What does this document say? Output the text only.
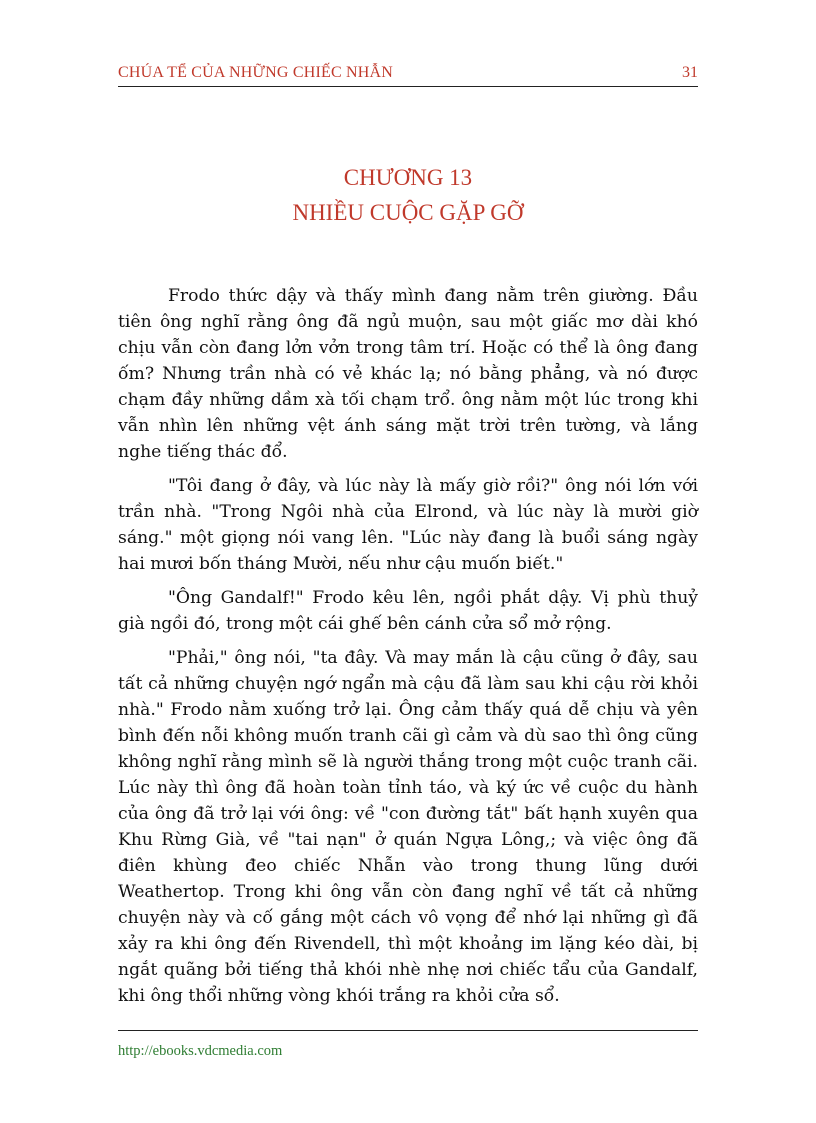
CHÚA TỂ CỦA NHỮNG CHIẾC NHẪN	31
CHƯƠNG 13
NHIỀU CUỘC GẶP GỠ

Frodo thức dậy và thấy mình đang nằm trên giường. Đầu tiên ông nghĩ rằng ông đã ngủ muộn, sau một giấc mơ dài khó chịu vẫn còn đang lởn vởn trong tâm trí. Hoặc có thể là ông đang ốm? Nhưng trần nhà có vẻ khác lạ; nó bằng phẳng, và nó được chạm đầy những dầm xà tối chạm trổ. ông nằm một lúc trong khi vẫn nhìn lên những vệt ánh sáng mặt trời trên tường, và lắng nghe tiếng thác đổ.

"Tôi đang ở đây, và lúc này là mấy giờ rồi?" ông nói lớn với trần nhà. "Trong Ngôi nhà của Elrond, và lúc này là mười giờ sáng." một giọng nói vang lên. "Lúc này đang là buổi sáng ngày hai mươi bốn tháng Mười, nếu như cậu muốn biết."

"Ông Gandalf!" Frodo kêu lên, ngồi phắt dậy. Vị phù thuỷ già ngồi đó, trong một cái ghế bên cánh cửa sổ mở rộng.

"Phải," ông nói, "ta đây. Và may mắn là cậu cũng ở đây, sau tất cả những chuyện ngớ ngẩn mà cậu đã làm sau khi cậu rời khỏi nhà." Frodo nằm xuống trở lại. Ông cảm thấy quá dễ chịu và yên bình đến nỗi không muốn tranh cãi gì cảm và dù sao thì ông cũng không nghĩ rằng mình sẽ là người thắng trong một cuộc tranh cãi. Lúc này thì ông đã hoàn toàn tỉnh táo, và ký ức về cuộc du hành của ông đã trở lại với ông: về "con đường tắt" bất hạnh xuyên qua Khu Rừng Già, về "tai nạn" ở quán Ngựa Lông,; và việc ông đã điên khùng đeo chiếc Nhẫn vào trong thung lũng dưới Weathertop. Trong khi ông vẫn còn đang nghĩ về tất cả những chuyện này và cố gắng một cách vô vọng để nhớ lại những gì đã xảy ra khi ông đến Rivendell, thì một khoảng im lặng kéo dài, bị ngắt quãng bởi tiếng thả khói nhè nhẹ nơi chiếc tẩu của Gandalf, khi ông thổi những vòng khói trắng ra khỏi cửa sổ.

http://ebooks.vdcmedia.com
